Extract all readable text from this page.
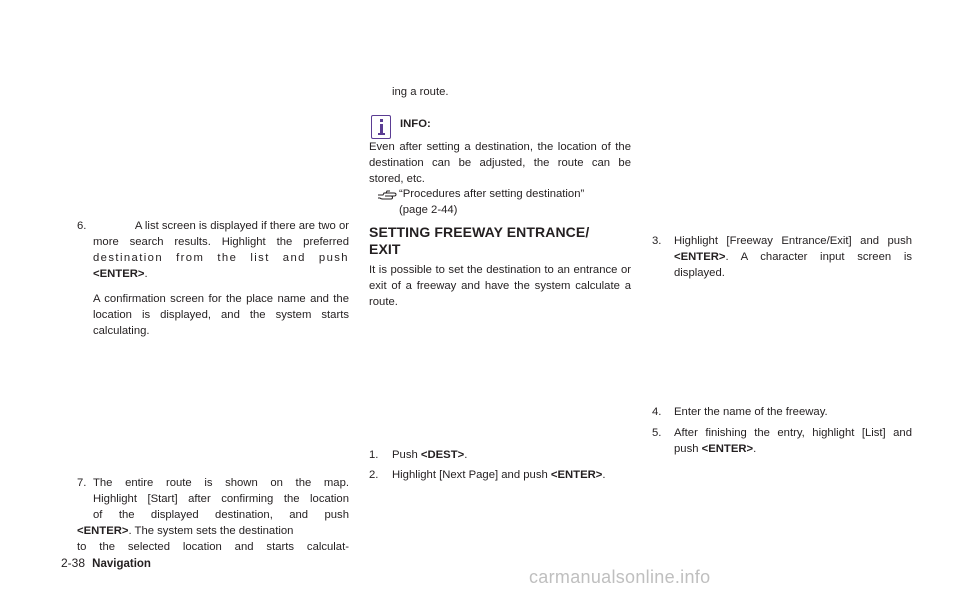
6.	A list screen is displayed if there are two or
more search results. Highlight the preferred
destination from the list and push
<ENTER>.
A confirmation screen for the place name and the location is displayed, and the system starts calculating.
7. The entire route is shown on the map.
Highlight [Start] after confirming the location
of the displayed destination, and push
<ENTER>. The system sets the destination
to the selected location and starts calculat-
2-38 Navigation
ing a route.
INFO:
Even after setting a destination, the location of the destination can be adjusted, the route can be stored, etc.
“Procedures after setting destination”
(page 2-44)
SETTING FREEWAY ENTRANCE/ EXIT
It is possible to set the destination to an entrance or exit of a freeway and have the system calculate a route.
1. Push <DEST>.
2. Highlight [Next Page] and push <ENTER>.
3. Highlight [Freeway Entrance/Exit] and push
<ENTER>. A character input screen is
displayed.
4. Enter the name of the freeway.
5. After finishing the entry, highlight [List] and
push <ENTER>.
carmanualsonline.info
